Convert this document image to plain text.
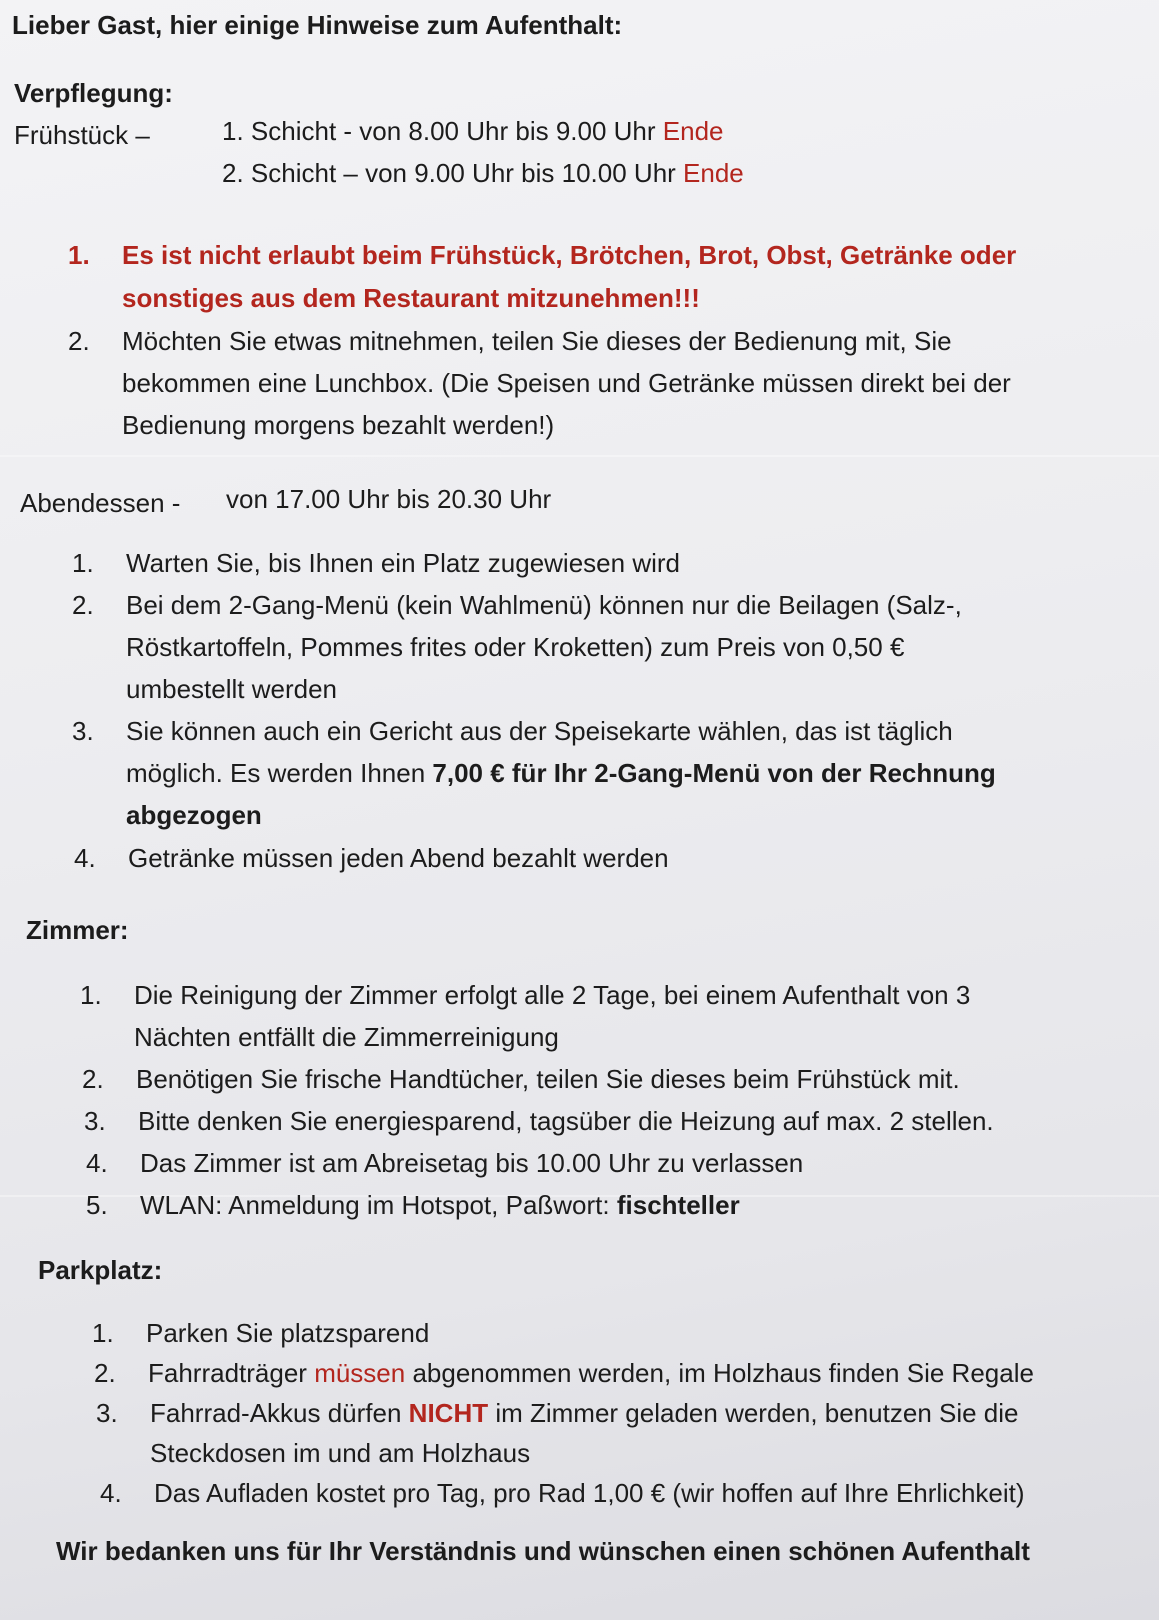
Lieber Gast, hier einige Hinweise zum Aufenthalt:
Verpflegung:
Frühstück –	1. Schicht - von 8.00 Uhr bis 9.00 Uhr Ende
2. Schicht – von 9.00 Uhr bis 10.00 Uhr Ende
1. Es ist nicht erlaubt beim Frühstück, Brötchen, Brot, Obst, Getränke oder
sonstiges aus dem Restaurant mitzunehmen!!!
2. Möchten Sie etwas mitnehmen, teilen Sie dieses der Bedienung mit, Sie
bekommen eine Lunchbox. (Die Speisen und Getränke müssen direkt bei der
Bedienung morgens bezahlt werden!)
Abendessen - von 17.00 Uhr bis 20.30 Uhr
1. Warten Sie, bis Ihnen ein Platz zugewiesen wird
2. Bei dem 2-Gang-Menü (kein Wahlmenü) können nur die Beilagen (Salz-,
Röstkartoffeln, Pommes frites oder Kroketten) zum Preis von 0,50 €
umbestellt werden
3. Sie können auch ein Gericht aus der Speisekarte wählen, das ist täglich
möglich. Es werden Ihnen 7,00 € für Ihr 2-Gang-Menü von der Rechnung
abgezogen
4. Getränke müssen jeden Abend bezahlt werden
Zimmer:
1. Die Reinigung der Zimmer erfolgt alle 2 Tage, bei einem Aufenthalt von 3
Nächten entfällt die Zimmerreinigung
2. Benötigen Sie frische Handtücher, teilen Sie dieses beim Frühstück mit.
3. Bitte denken Sie energiesparend, tagsüber die Heizung auf max. 2 stellen.
4. Das Zimmer ist am Abreisetag bis 10.00 Uhr zu verlassen
5. WLAN: Anmeldung im Hotspot, Paßwort: fischteller
Parkplatz:
1. Parken Sie platzsparend
2. Fahrradträger müssen abgenommen werden, im Holzhaus finden Sie Regale
3. Fahrrad-Akkus dürfen NICHT im Zimmer geladen werden, benutzen Sie die
Steckdosen im und am Holzhaus
4. Das Aufladen kostet pro Tag, pro Rad 1,00 € (wir hoffen auf Ihre Ehrlichkeit)
Wir bedanken uns für Ihr Verständnis und wünschen einen schönen Aufenthalt
